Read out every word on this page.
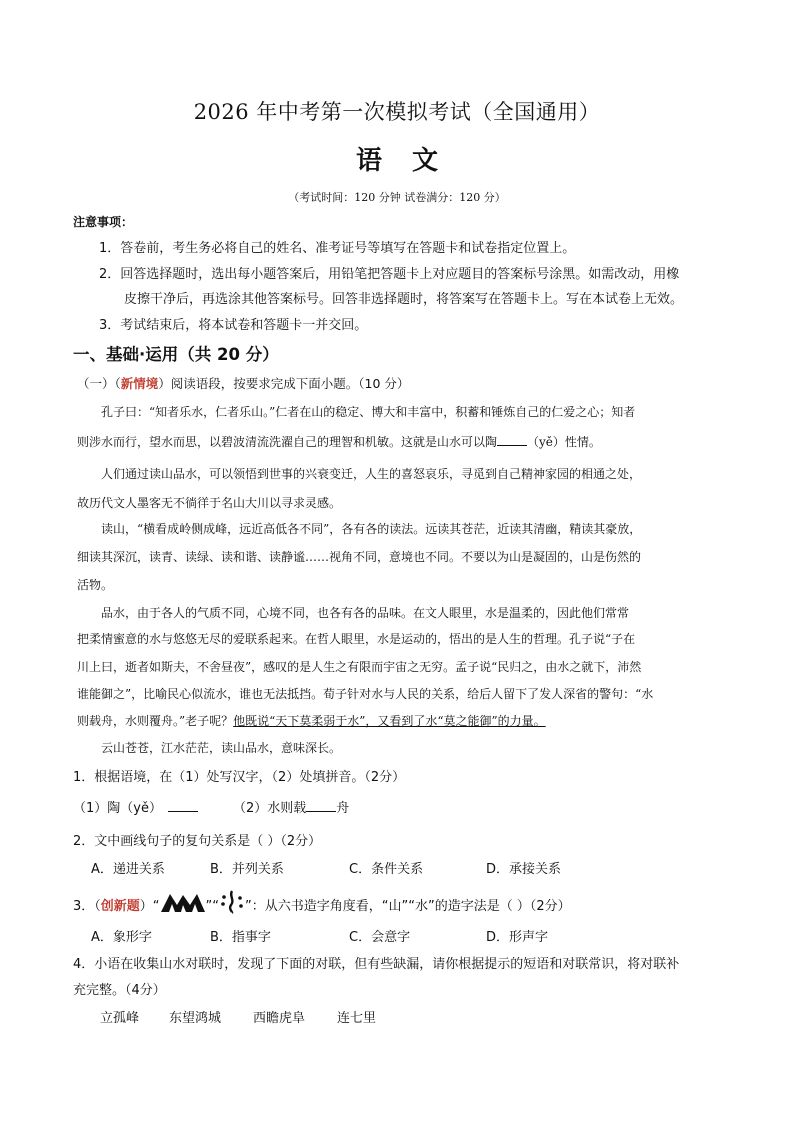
2026 年中考第一次模拟考试（全国通用）
语文
（考试时间：120 分钟 试卷满分：120 分）
注意事项：
1．答卷前，考生务必将自己的姓名、准考证号等填写在答题卡和试卷指定位置上。
2．回答选择题时，选出每小题答案后，用铅笔把答题卡上对应题目的答案标号涂黑。如需改动，用橡
皮擦干净后，再选涂其他答案标号。回答非选择题时，将答案写在答题卡上。写在本试卷上无效。
3．考试结束后，将本试卷和答题卡一并交回。
一、基础·运用（共 20 分）
（一）（新情境）阅读语段，按要求完成下面小题。（10 分）
孔子曰：“知者乐水，仁者乐山。”仁者在山的稳定、博大和丰富中，积蓄和锤炼自己的仁爱之心；知者
则涉水而行，望水而思，以碧波清流洗濯自己的理智和机敏。这就是山水可以陶	（yě）性情。
人们通过读山品水，可以领悟到世事的兴衰变迁，人生的喜怒哀乐，寻觅到自己精神家园的相通之处，
故历代文人墨客无不徜徉于名山大川以寻求灵感。
读山，“横看成岭侧成峰，远近高低各不同”，各有各的读法。远读其苍茫，近读其清幽，精读其豪放，
细读其深沉，读青、读绿、读和谐、读静谧……视角不同，意境也不同。不要以为山是凝固的，山是伤然的
活物。
品水，由于各人的气质不同，心境不同，也各有各的品味。在文人眼里，水是温柔的，因此他们常常
把柔情蜜意的水与悠悠无尽的爱联系起来。在哲人眼里，水是运动的，悟出的是人生的哲理。孔子说“子在
川上曰，逝者如斯夫，不舍昼夜”，感叹的是人生之有限而宇宙之无穷。孟子说“民归之，由水之就下，沛然
谁能御之”，比喻民心似流水，谁也无法抵挡。荀子针对水与人民的关系，给后人留下了发人深省的警句：“水
则载舟，水则覆舟。”老子呢？他既说“天下莫柔弱于水”，又看到了水“莫之能御”的力量。
云山苍苍，江水茫茫，读山品水，意味深长。
1．根据语境，在（1）处写汉字，（2）处填拼音。（2分）
（1）陶（yě）	（2）水则载 舟
2．文中画线句子的复句关系是（ ）（2分）
A．递进关系	B．并列关系	C．条件关系	D．承接关系
3．（创新题）“	”“ ”：从六书造字角度看，“山”“水”的造字法是（ ）（2分）
A．象形字	B．指事字	C．会意字	D．形声字
4．小语在收集山水对联时，发现了下面的对联，但有些缺漏，请你根据提示的短语和对联常识，将对联补
充完整。（4分）
立孤峰 东望鸿城 西瞻虎阜 连七里
